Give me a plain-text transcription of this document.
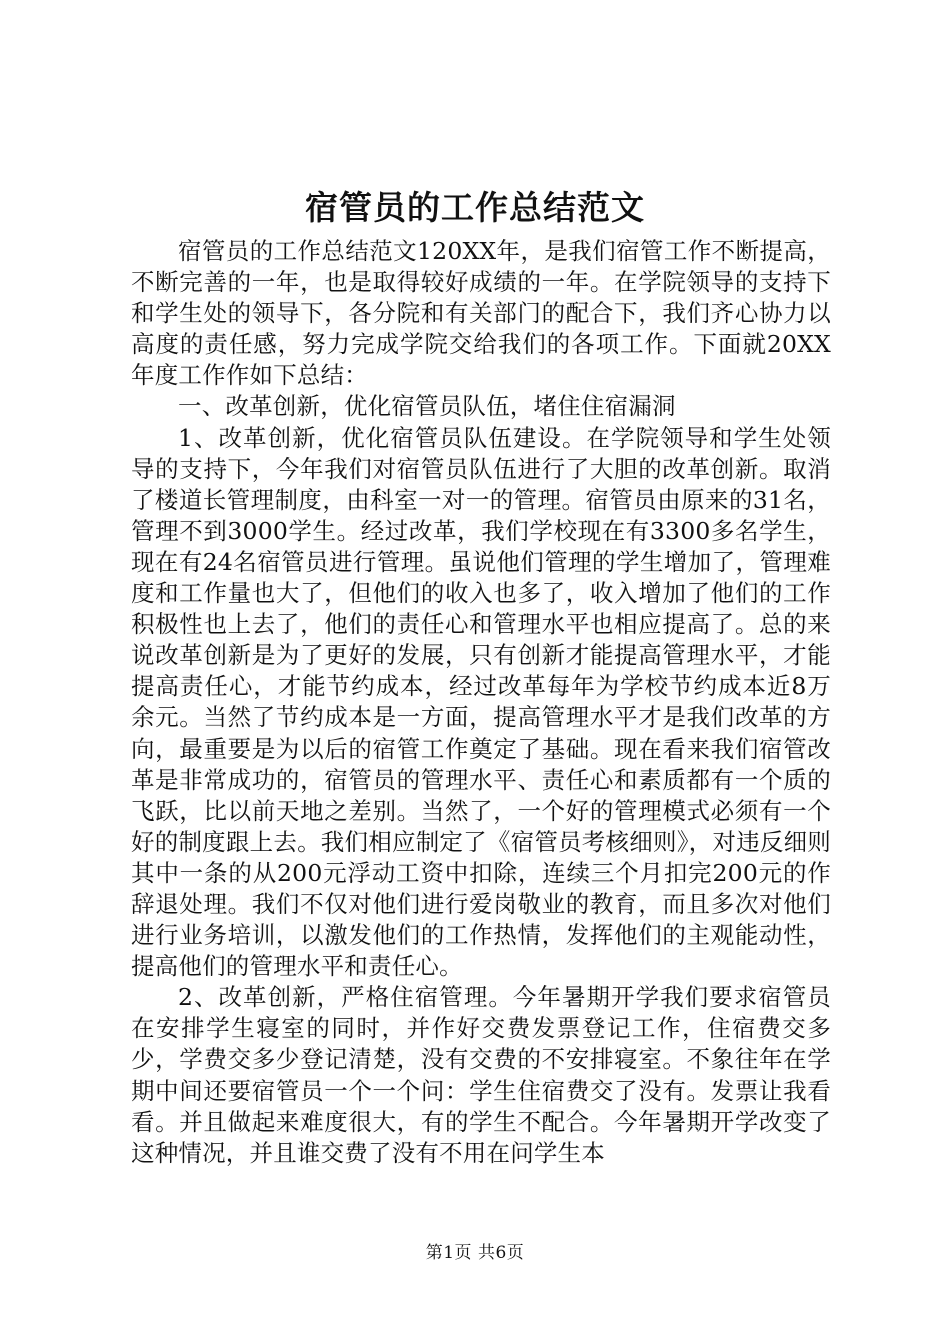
宿管员的工作总结范文

宿管员的工作总结范文120XX年，是我们宿管工作不断提高，不断完善的一年，也是取得较好成绩的一年。在学院领导的支持下和学生处的领导下，各分院和有关部门的配合下，我们齐心协力以高度的责任感，努力完成学院交给我们的各项工作。下面就20XX年度工作作如下总结：

一、改革创新，优化宿管员队伍，堵住住宿漏洞

1、改革创新，优化宿管员队伍建设。在学院领导和学生处领导的支持下，今年我们对宿管员队伍进行了大胆的改革创新。取消了楼道长管理制度，由科室一对一的管理。宿管员由原来的31名，管理不到3000学生。经过改革，我们学校现在有3300多名学生，现在有24名宿管员进行管理。虽说他们管理的学生增加了，管理难度和工作量也大了，但他们的收入也多了，收入增加了他们的工作积极性也上去了，他们的责任心和管理水平也相应提高了。总的来说改革创新是为了更好的发展，只有创新才能提高管理水平，才能提高责任心，才能节约成本，经过改革每年为学校节约成本近8万余元。当然了节约成本是一方面，提高管理水平才是我们改革的方向，最重要是为以后的宿管工作奠定了基础。现在看来我们宿管改革是非常成功的，宿管员的管理水平、责任心和素质都有一个质的飞跃，比以前天地之差别。当然了，一个好的管理模式必须有一个好的制度跟上去。我们相应制定了《宿管员考核细则》，对违反细则其中一条的从200元浮动工资中扣除，连续三个月扣完200元的作辞退处理。我们不仅对他们进行爱岗敬业的教育，而且多次对他们进行业务培训，以激发他们的工作热情，发挥他们的主观能动性，提高他们的管理水平和责任心。

2、改革创新，严格住宿管理。今年暑期开学我们要求宿管员在安排学生寝室的同时，并作好交费发票登记工作，住宿费交多少，学费交多少登记清楚，没有交费的不安排寝室。不象往年在学期中间还要宿管员一个一个问：学生住宿费交了没有。发票让我看看。并且做起来难度很大，有的学生不配合。今年暑期开学改变了这种情况，并且谁交费了没有不用在问学生本

第1页 共6页
